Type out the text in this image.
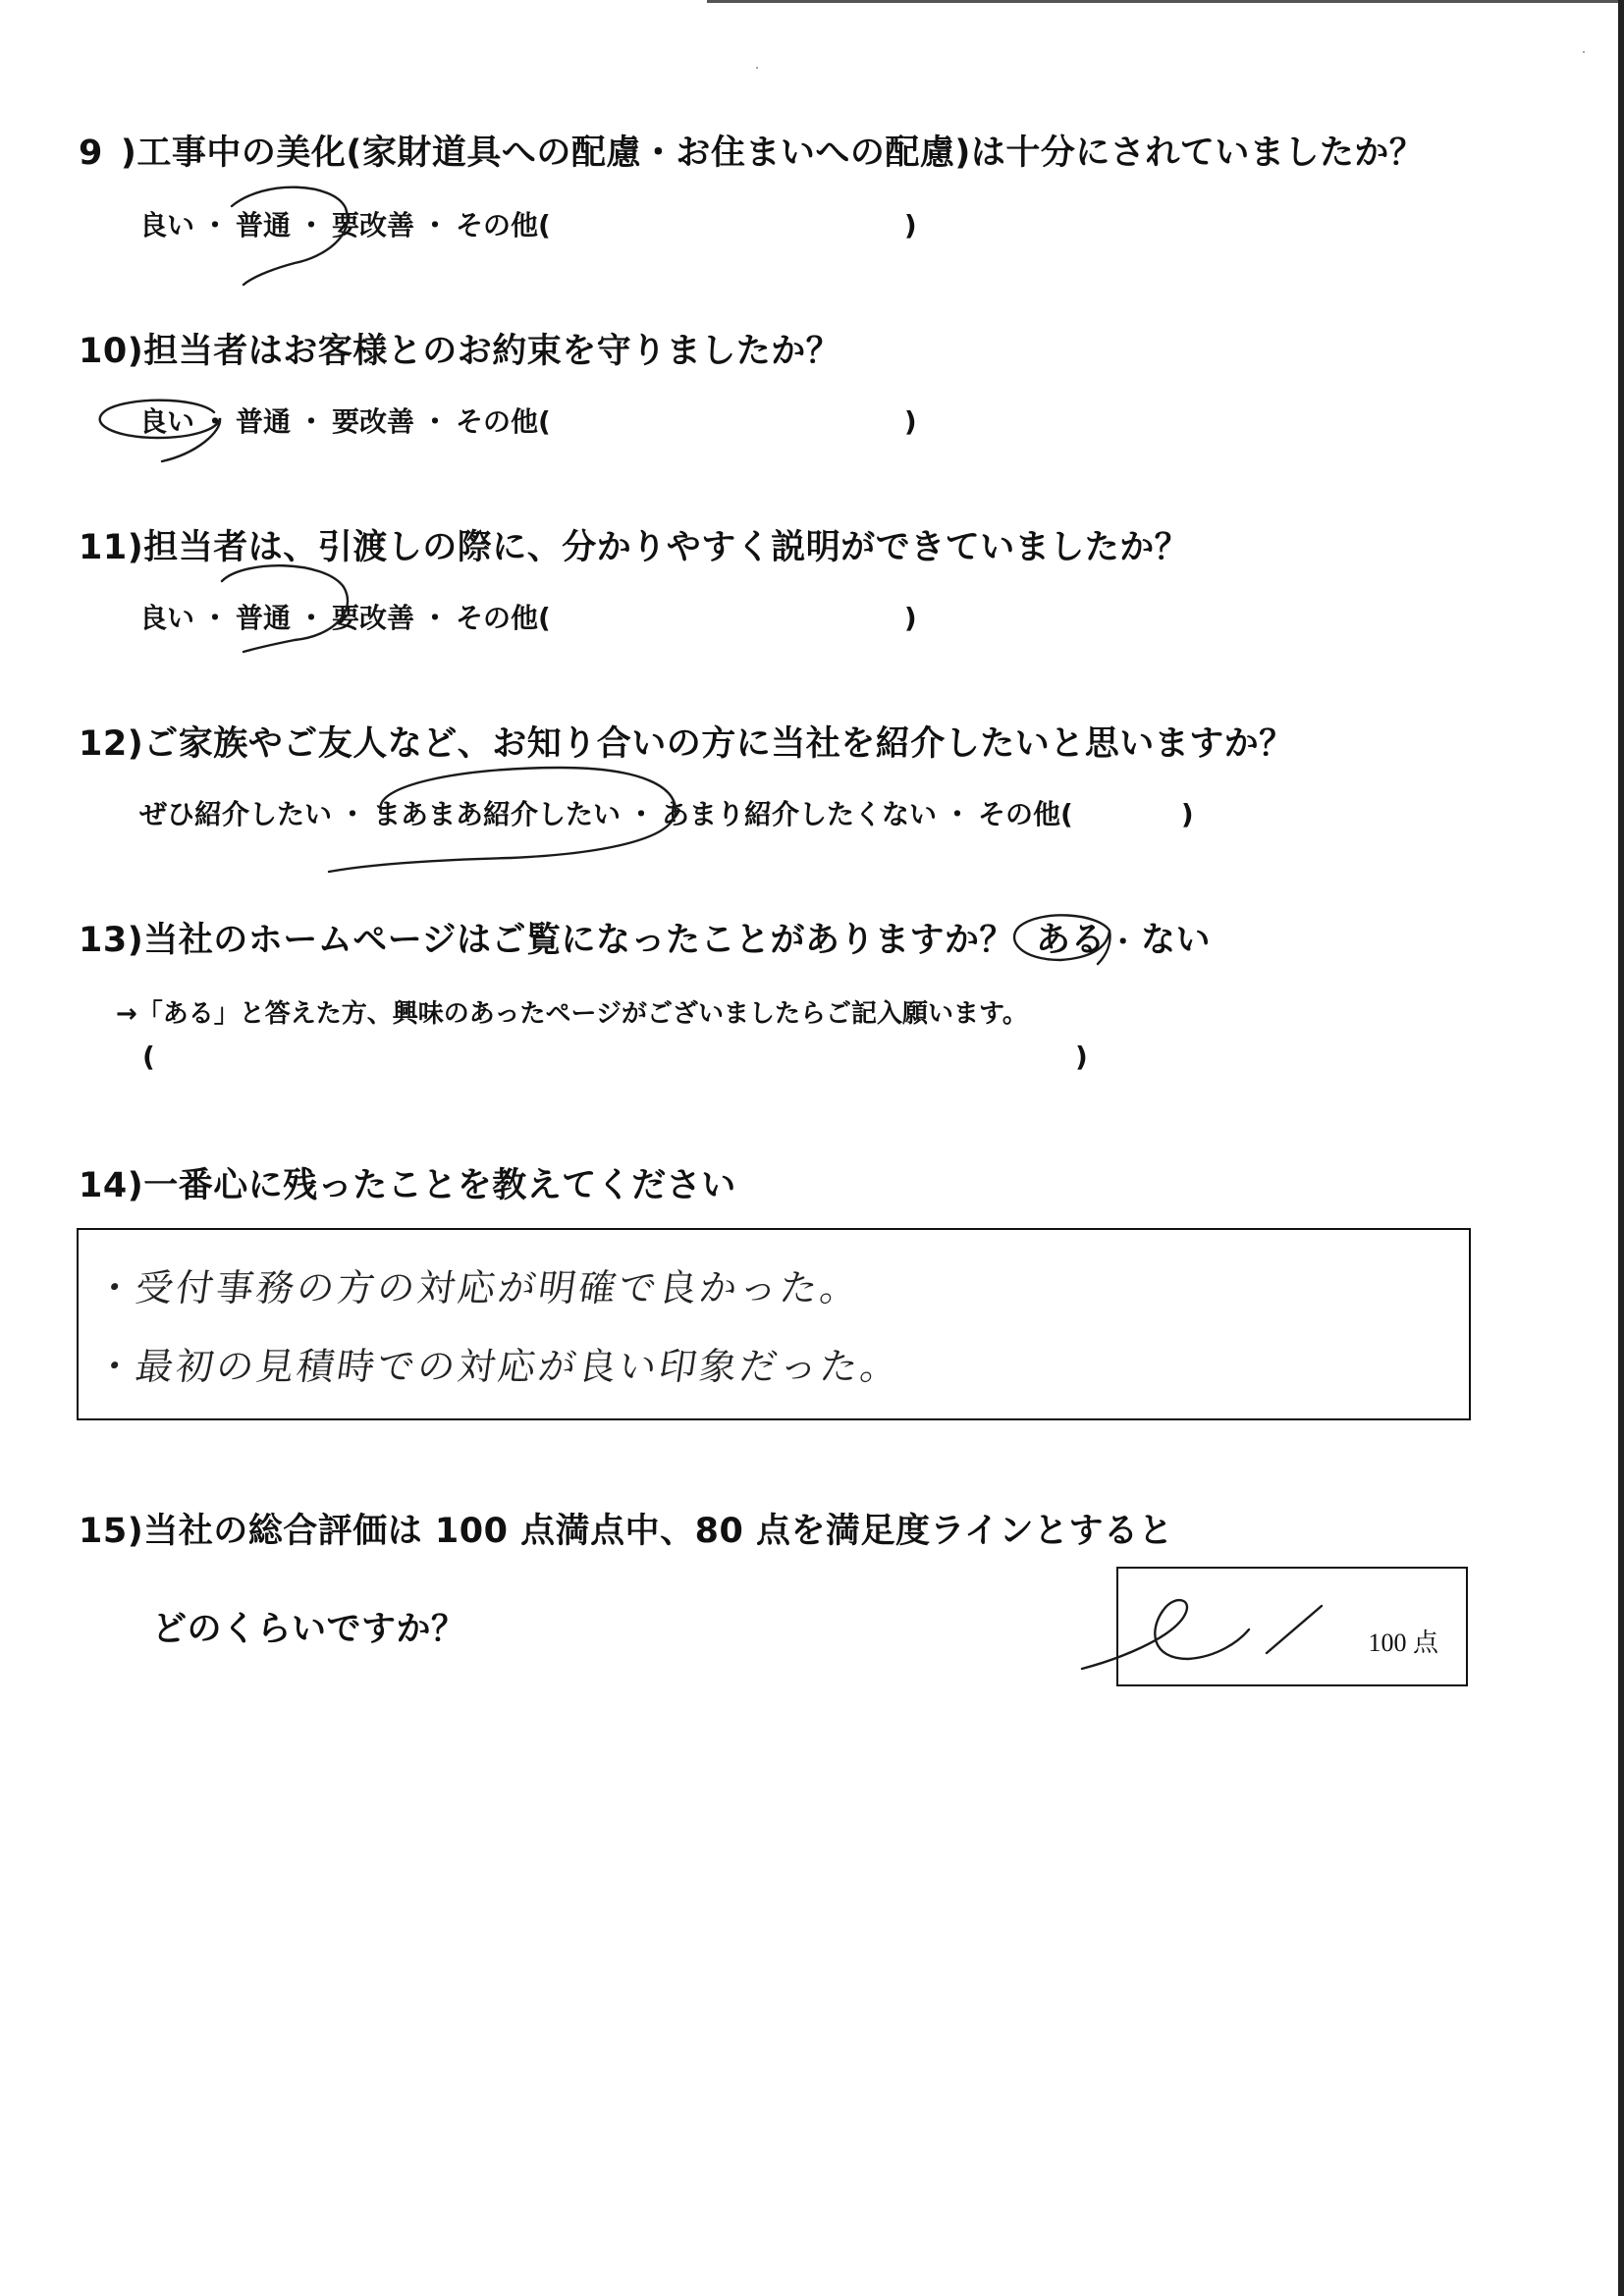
9 )工事中の美化(家財道具への配慮・お住まいへの配慮)は十分にされていましたか？
良い ・ 普通 ・ 要改善 ・ その他(	)
10)担当者はお客様とのお約束を守りましたか？
良い ・ 普通 ・ 要改善 ・ その他(	)
11)担当者は、引渡しの際に、分かりやすく説明ができていましたか？
良い ・ 普通 ・ 要改善 ・ その他(	)
12)ご家族やご友人など、お知り合いの方に当社を紹介したいと思いますか？
ぜひ紹介したい ・ まあまあ紹介したい ・ あまり紹介したくない ・ その他(	)
13)当社のホームページはご覧になったことがありますか？ ある ・ ない
→「ある」と答えた方、興味のあったページがございましたらご記入願います。
(	)
14)一番心に残ったことを教えてください
・受付事務の方の対応が明確で良かった。
・最初の見積時での対応が良い印象だった。
15)当社の総合評価は 100 点満点中、80 点を満足度ラインとすると
どのくらいですか？	100 点
